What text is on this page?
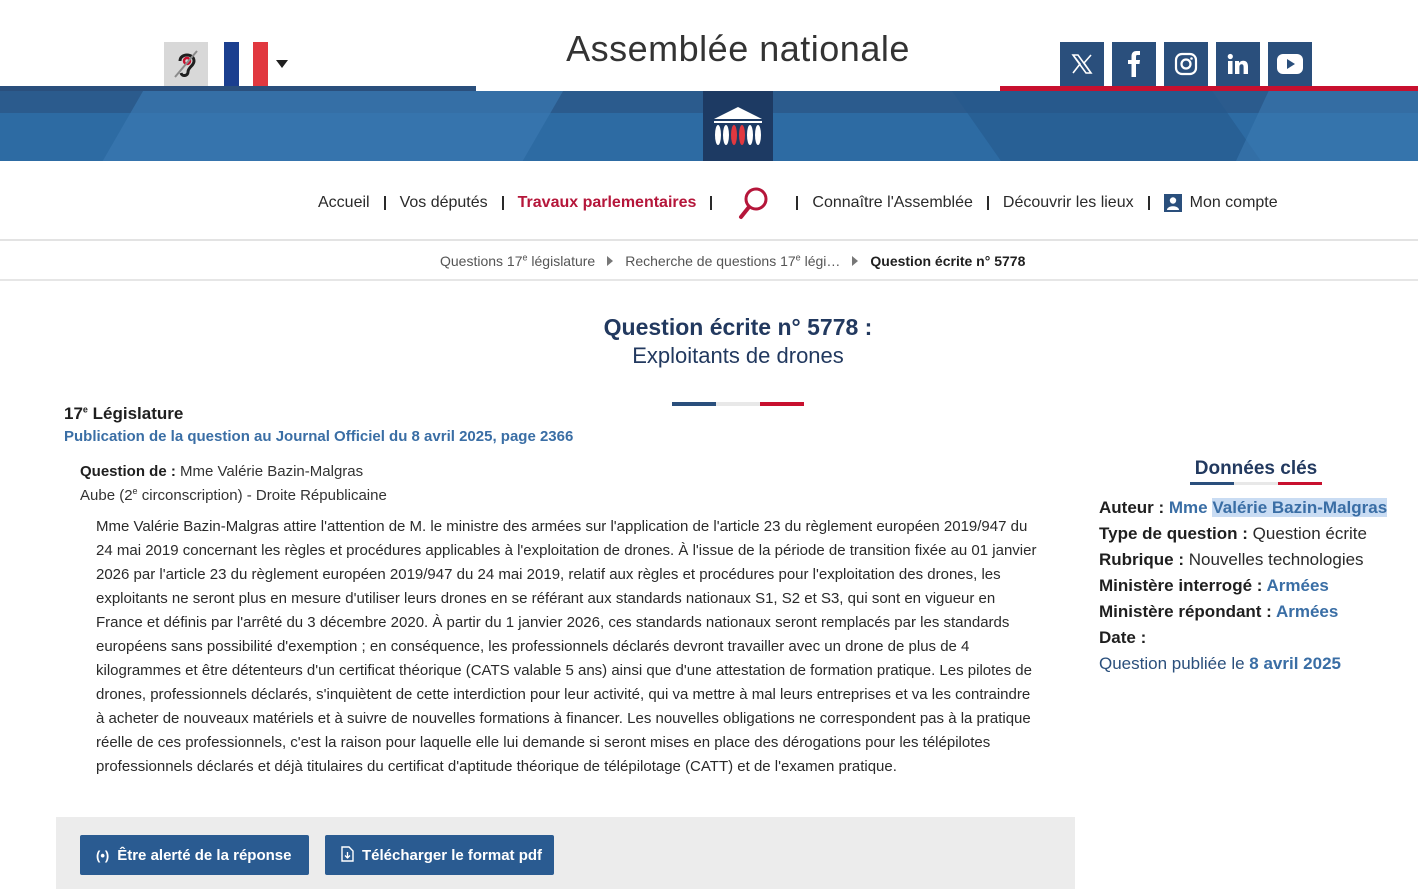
Assemblée nationale
Accueil Vos députés Travaux parlementaires	Connaître l'Assemblée Découvrir les lieux	Mon compte
Questions 17e législature Recherche de questions 17e légi… Question écrite n° 5778
Question écrite n° 5778 :
Exploitants de drones
17e Législature
Publication de la question au Journal Officiel du 8 avril 2025, page 2366
Question de : Mme Valérie Bazin-Malgras
Aube (2e circonscription) - Droite Républicaine
Mme Valérie Bazin-Malgras attire l'attention de M. le ministre des armées sur l'application de l'article 23 du règlement européen 2019/947 du 24 mai 2019 concernant les règles et procédures applicables à l'exploitation de drones. À l'issue de la période de transition fixée au 01 janvier 2026 par l'article 23 du règlement européen 2019/947 du 24 mai 2019, relatif aux règles et procédures pour l'exploitation des drones, les exploitants ne seront plus en mesure d'utiliser leurs drones en se référant aux standards nationaux S1, S2 et S3, qui sont en vigueur en France et définis par l'arrêté du 3 décembre 2020. À partir du 1 janvier 2026, ces standards nationaux seront remplacés par les standards européens sans possibilité d'exemption ; en conséquence, les professionnels déclarés devront travailler avec un drone de plus de 4 kilogrammes et être détenteurs d'un certificat théorique (CATS valable 5 ans) ainsi que d'une attestation de formation pratique. Les pilotes de drones, professionnels déclarés, s'inquiètent de cette interdiction pour leur activité, qui va mettre à mal leurs entreprises et va les contraindre à acheter de nouveaux matériels et à suivre de nouvelles formations à financer. Les nouvelles obligations ne correspondent pas à la pratique réelle de ces professionnels, c'est la raison pour laquelle elle lui demande si seront mises en place des dérogations pour les télépilotes professionnels déclarés et déjà titulaires du certificat d'aptitude théorique de télépilotage (CATT) et de l'examen pratique.
(•) Être alerté de la réponse	Télécharger le format pdf
Données clés
Auteur : Mme Valérie Bazin-Malgras
Type de question : Question écrite
Rubrique : Nouvelles technologies
Ministère interrogé : Armées
Ministère répondant : Armées
Date :
Question publiée le 8 avril 2025
